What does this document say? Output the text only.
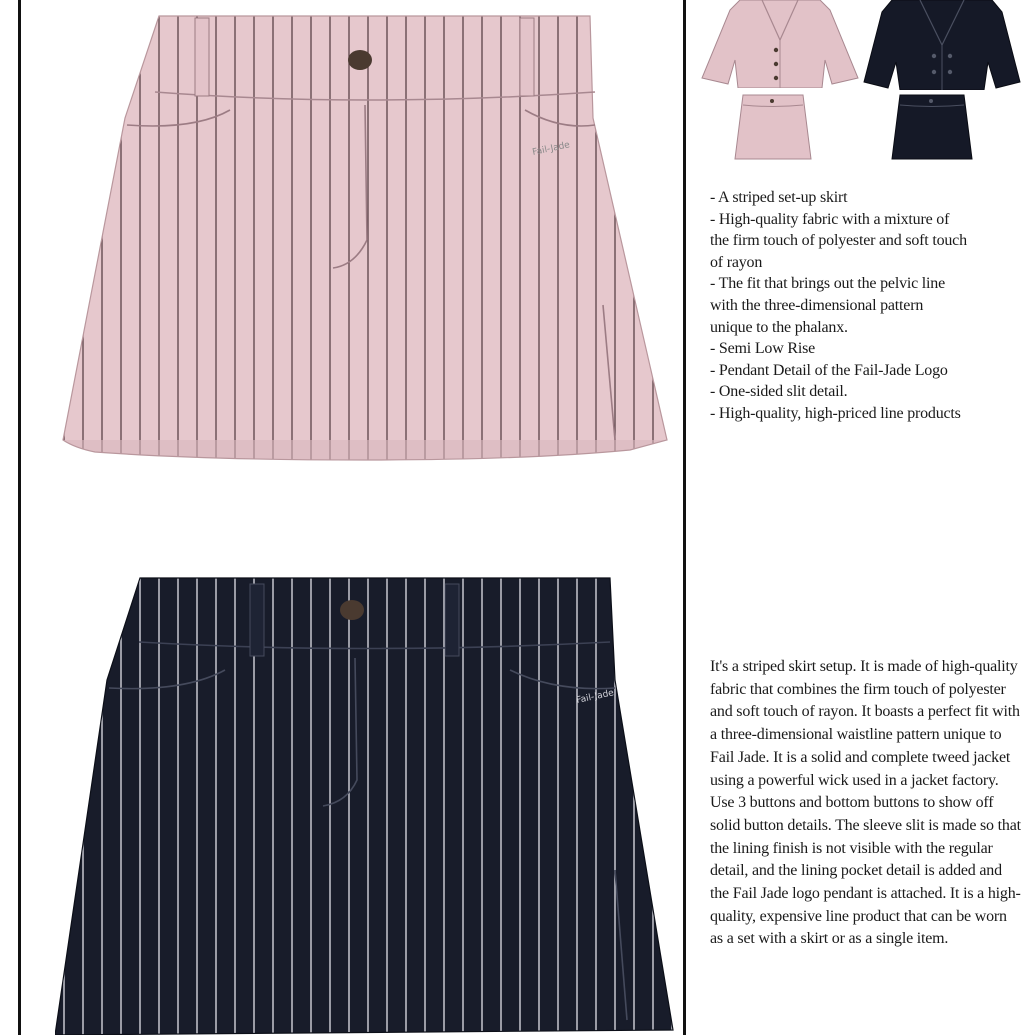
Fail-Jade
Fail-Jade
- A striped set-up skirt
- High-quality fabric with a mixture of
the firm touch of polyester and soft touch
of rayon
- The fit that brings out the pelvic line
with the three-dimensional pattern
unique to the phalanx.
- Semi Low Rise
- Pendant Detail of the Fail-Jade Logo
- One-sided slit detail.
- High-quality, high-priced line products

It's a striped skirt setup. It is made of high-quality fabric that combines the firm touch of polyester and soft touch of rayon. It boasts a perfect fit with a three-dimensional waistline pattern unique to Fail Jade. It is a solid and complete tweed jacket using a powerful wick used in a jacket factory. Use 3 buttons and bottom buttons to show off solid button details. The sleeve slit is made so that the lining finish is not visible with the regular detail, and the lining pocket detail is added and the Fail Jade logo pendant is attached. It is a high-quality, expensive line product that can be worn as a set with a skirt or as a single item.
